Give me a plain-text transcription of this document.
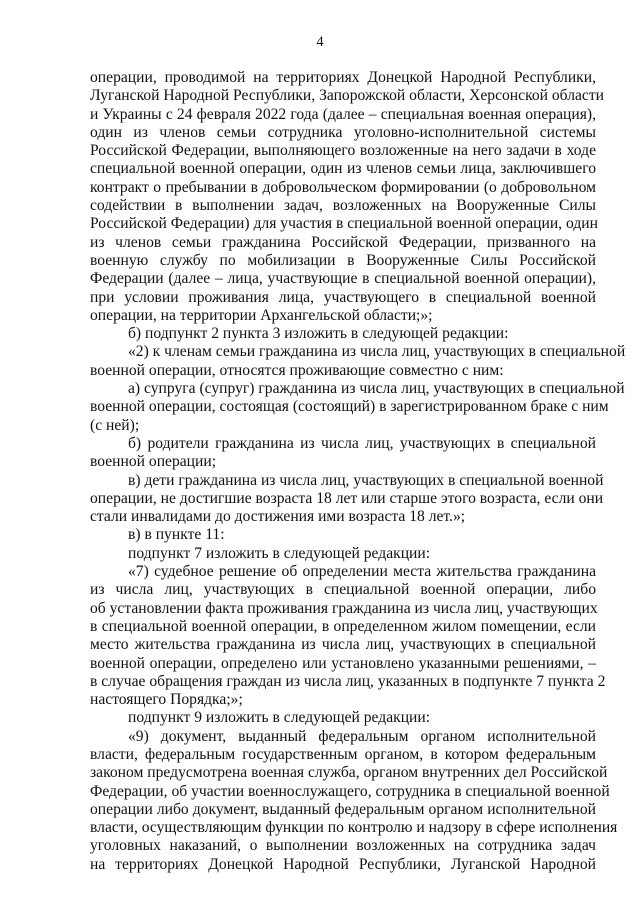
4
операции, проводимой на территориях Донецкой Народной Республики,
Луганской Народной Республики, Запорожской области, Херсонской области
и Украины с 24 февраля 2022 года (далее – специальная военная операция),
один из членов семьи сотрудника уголовно-исполнительной системы
Российской Федерации, выполняющего возложенные на него задачи в ходе
специальной военной операции, один из членов семьи лица, заключившего
контракт о пребывании в добровольческом формировании (о добровольном
содействии в выполнении задач, возложенных на Вооруженные Силы
Российской Федерации) для участия в специальной военной операции, один
из членов семьи гражданина Российской Федерации, призванного на
военную службу по мобилизации в Вооруженные Силы Российской
Федерации (далее – лица, участвующие в специальной военной операции),
при условии проживания лица, участвующего в специальной военной
операции, на территории Архангельской области;»;
б) подпункт 2 пункта 3 изложить в следующей редакции:
«2) к членам семьи гражданина из числа лиц, участвующих в специальной
военной операции, относятся проживающие совместно с ним:
а) супруга (супруг) гражданина из числа лиц, участвующих в специальной
военной операции, состоящая (состоящий) в зарегистрированном браке с ним
(с ней);
б) родители гражданина из числа лиц, участвующих в специальной
военной операции;
в) дети гражданина из числа лиц, участвующих в специальной военной
операции, не достигшие возраста 18 лет или старше этого возраста, если они
стали инвалидами до достижения ими возраста 18 лет.»;
в) в пункте 11:
подпункт 7 изложить в следующей редакции:
«7) судебное решение об определении места жительства гражданина
из числа лиц, участвующих в специальной военной операции, либо
об установлении факта проживания гражданина из числа лиц, участвующих
в специальной военной операции, в определенном жилом помещении, если
место жительства гражданина из числа лиц, участвующих в специальной
военной операции, определено или установлено указанными решениями, –
в случае обращения граждан из числа лиц, указанных в подпункте 7 пункта 2
настоящего Порядка;»;
подпункт 9 изложить в следующей редакции:
«9) документ, выданный федеральным органом исполнительной
власти, федеральным государственным органом, в котором федеральным
законом предусмотрена военная служба, органом внутренних дел Российской
Федерации, об участии военнослужащего, сотрудника в специальной военной
операции либо документ, выданный федеральным органом исполнительной
власти, осуществляющим функции по контролю и надзору в сфере исполнения
уголовных наказаний, о выполнении возложенных на сотрудника задач
на территориях Донецкой Народной Республики, Луганской Народной
